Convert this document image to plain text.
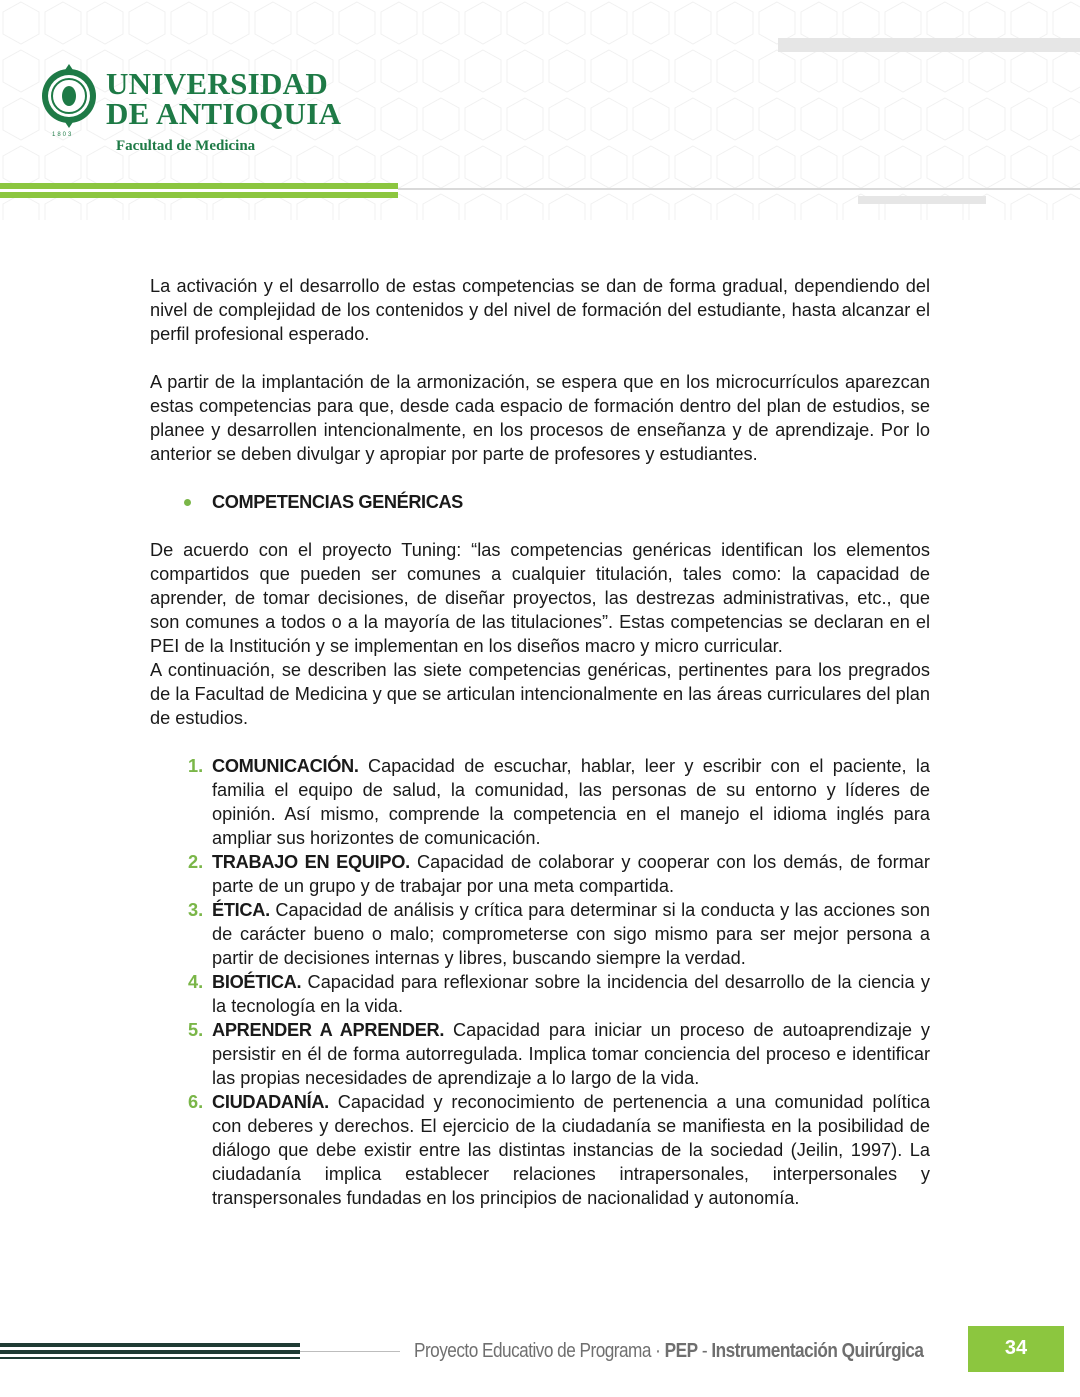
1803
UNIVERSIDAD
DE ANTIOQUIA
Facultad de Medicina

La activación y el desarrollo de estas competencias se dan de forma gradual, dependiendo del nivel de complejidad de los contenidos y del nivel de formación del estudiante, hasta alcanzar el perfil profesional esperado.

A partir de la implantación de la armonización, se espera que en los microcurrículos aparezcan estas competencias para que, desde cada espacio de formación dentro del plan de estudios, se planee y desarrollen intencionalmente, en los procesos de enseñanza y de aprendizaje. Por lo anterior se deben divulgar y apropiar por parte de profesores y estudiantes.

COMPETENCIAS GENÉRICAS

De acuerdo con el proyecto Tuning: “las competencias genéricas identifican los elementos compartidos que pueden ser comunes a cualquier titulación, tales como: la capacidad de aprender, de tomar decisiones, de diseñar proyectos, las destrezas administrativas, etc., que son comunes a todos o a la mayoría de las titulaciones”. Estas competencias se declaran en el PEI de la Institución y se implementan en los diseños macro y micro curricular.

A continuación, se describen las siete competencias genéricas, pertinentes para los pregrados de la Facultad de Medicina y que se articulan intencionalmente en las áreas curriculares del plan de estudios.

1. COMUNICACIÓN. Capacidad de escuchar, hablar, leer y escribir con el paciente, la familia el equipo de salud, la comunidad, las personas de su entorno y líderes de opinión. Así mismo, comprende la competencia en el manejo el idioma inglés para ampliar sus horizontes de comunicación.
2. TRABAJO EN EQUIPO. Capacidad de colaborar y cooperar con los demás, de formar parte de un grupo y de trabajar por una meta compartida.
3. ÉTICA. Capacidad de análisis y crítica para determinar si la conducta y las acciones son de carácter bueno o malo; comprometerse con sigo mismo para ser mejor persona a partir de decisiones internas y libres, buscando siempre la verdad.
4. BIOÉTICA. Capacidad para reflexionar sobre la incidencia del desarrollo de la ciencia y la tecnología en la vida.
5. APRENDER A APRENDER. Capacidad para iniciar un proceso de autoaprendizaje y persistir en él de forma autorregulada. Implica tomar conciencia del proceso e identificar las propias necesidades de aprendizaje a lo largo de la vida.
6. CIUDADANÍA. Capacidad y reconocimiento de pertenencia a una comunidad política con deberes y derechos. El ejercicio de la ciudadanía se manifiesta en la posibilidad de diálogo que debe existir entre las distintas instancias de la sociedad (Jeilin, 1997). La ciudadanía implica establecer relaciones intrapersonales, interpersonales y transpersonales fundadas en los principios de nacionalidad y autonomía.
Proyecto Educativo de Programa · PEP - Instrumentación Quirúrgica	34
